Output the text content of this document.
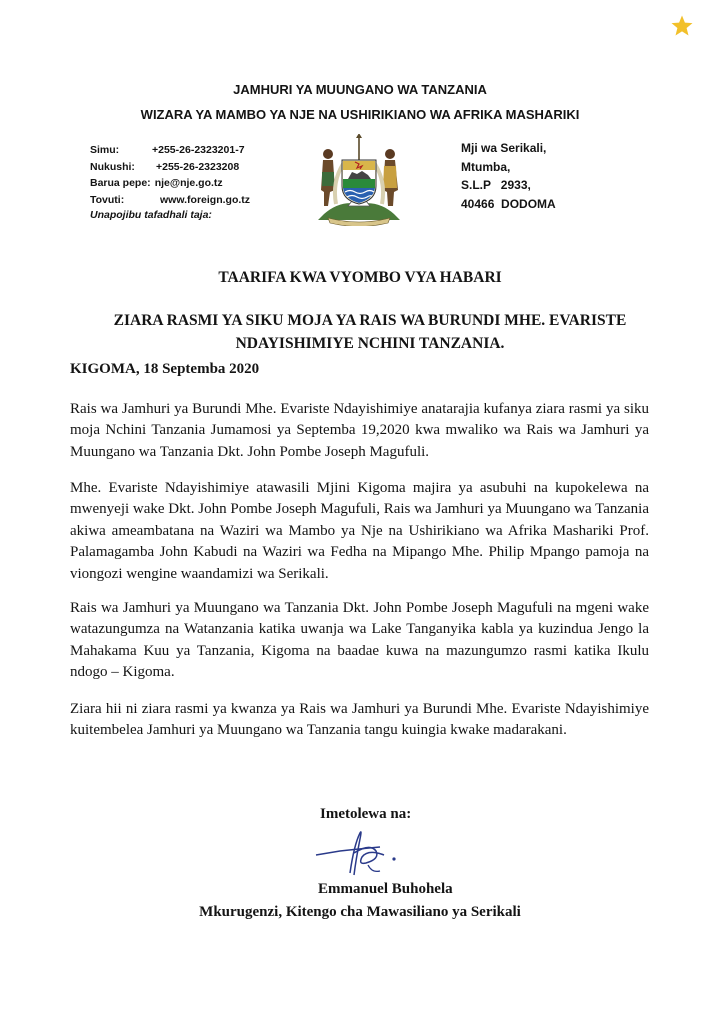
JAMHURI YA MUUNGANO WA TANZANIA
WIZARA YA MAMBO YA NJE NA USHIRIKIANO WA AFRIKA MASHARIKI
Simu:	+255-26-2323201-7
Nukushi:	+255-26-2323208
Barua pepe: nje@nje.go.tz
Tovuti:	www.foreign.go.tz
Unapojibu tafadhali taja:
Mji wa Serikali,
Mtumba,
S.L.P   2933,
40466  DODOMA
TAARIFA KWA VYOMBO VYA HABARI
ZIARA RASMI YA SIKU MOJA YA RAIS WA BURUNDI MHE. EVARISTE NDAYISHIMIYE NCHINI TANZANIA.
KIGOMA, 18 Septemba 2020

Rais wa Jamhuri ya Burundi Mhe. Evariste Ndayishimiye anatarajia kufanya ziara rasmi ya siku moja Nchini Tanzania Jumamosi ya Septemba 19,2020 kwa mwaliko wa Rais wa Jamhuri ya Muungano wa Tanzania Dkt. John Pombe Joseph Magufuli.

Mhe. Evariste Ndayishimiye atawasili Mjini Kigoma majira ya asubuhi na kupokelewa na mwenyeji wake Dkt. John Pombe Joseph Magufuli, Rais wa Jamhuri ya Muungano wa Tanzania akiwa ameambatana na Waziri wa Mambo ya Nje na Ushirikiano wa Afrika Mashariki Prof. Palamagamba John Kabudi na Waziri wa Fedha na Mipango Mhe. Philip Mpango pamoja na viongozi wengine waandamizi wa Serikali.

Rais wa Jamhuri ya Muungano wa Tanzania Dkt. John Pombe Joseph Magufuli na mgeni wake watazungumza na Watanzania katika uwanja wa Lake Tanganyika kabla ya kuzindua Jengo la Mahakama Kuu ya Tanzania, Kigoma na baadae kuwa na mazungumzo rasmi katika Ikulu ndogo – Kigoma.

Ziara hii ni ziara rasmi ya kwanza ya Rais wa Jamhuri ya Burundi Mhe. Evariste Ndayishimiye kuitembelea Jamhuri ya Muungano wa Tanzania tangu kuingia kwake madarakani.

Imetolewa na:
Emmanuel Buhohela
Mkurugenzi, Kitengo cha Mawasiliano ya Serikali
